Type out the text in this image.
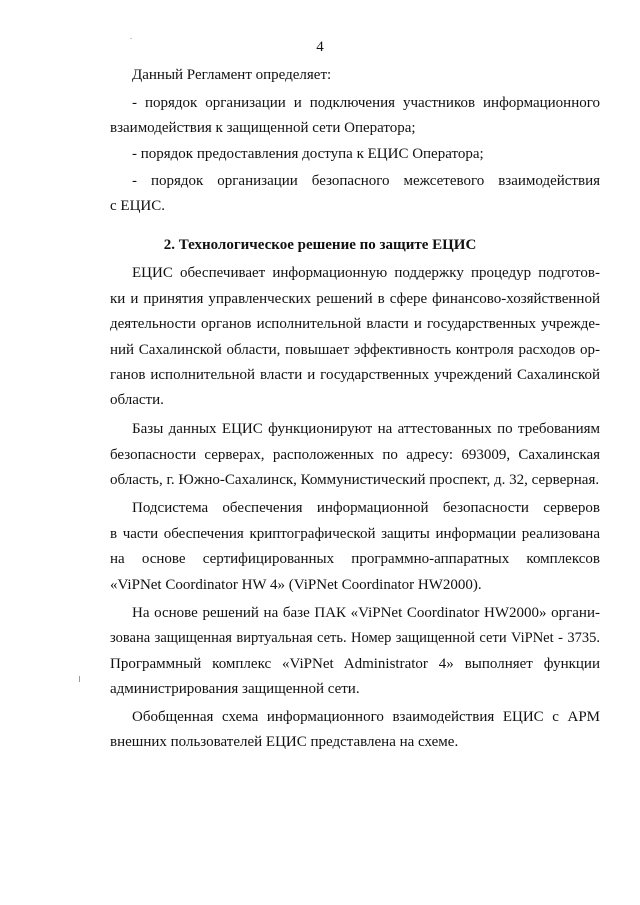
4
Данный Регламент определяет:
- порядок организации и подключения участников информационного
взаимодействия к защищенной сети Оператора;
- порядок предоставления доступа к ЕЦИС Оператора;
- порядок организации безопасного межсетевого взаимодействия
с ЕЦИС.
2. Технологическое решение по защите ЕЦИС
ЕЦИС обеспечивает информационную поддержку процедур подготов-
ки и принятия управленческих решений в сфере финансово-хозяйственной
деятельности органов исполнительной власти и государственных учрежде-
ний Сахалинской области, повышает эффективность контроля расходов ор-
ганов исполнительной власти и государственных учреждений Сахалинской
области.
Базы данных ЕЦИС функционируют на аттестованных по требованиям
безопасности серверах, расположенных по адресу: 693009, Сахалинская
область, г. Южно-Сахалинск, Коммунистический проспект, д. 32, серверная.
Подсистема обеспечения информационной безопасности серверов
в части обеспечения криптографической защиты информации реализована
на основе сертифицированных программно-аппаратных комплексов
«ViPNet Coordinator HW 4» (ViPNet Coordinator HW2000).
На основе решений на базе ПАК «ViPNet Coordinator HW2000» органи-
зована защищенная виртуальная сеть. Номер защищенной сети ViPNet - 3735.
Программный комплекс «ViPNet Administrator 4» выполняет функции
администрирования защищенной сети.
Обобщенная схема информационного взаимодействия ЕЦИС с АРМ
внешних пользователей ЕЦИС представлена на схеме.
